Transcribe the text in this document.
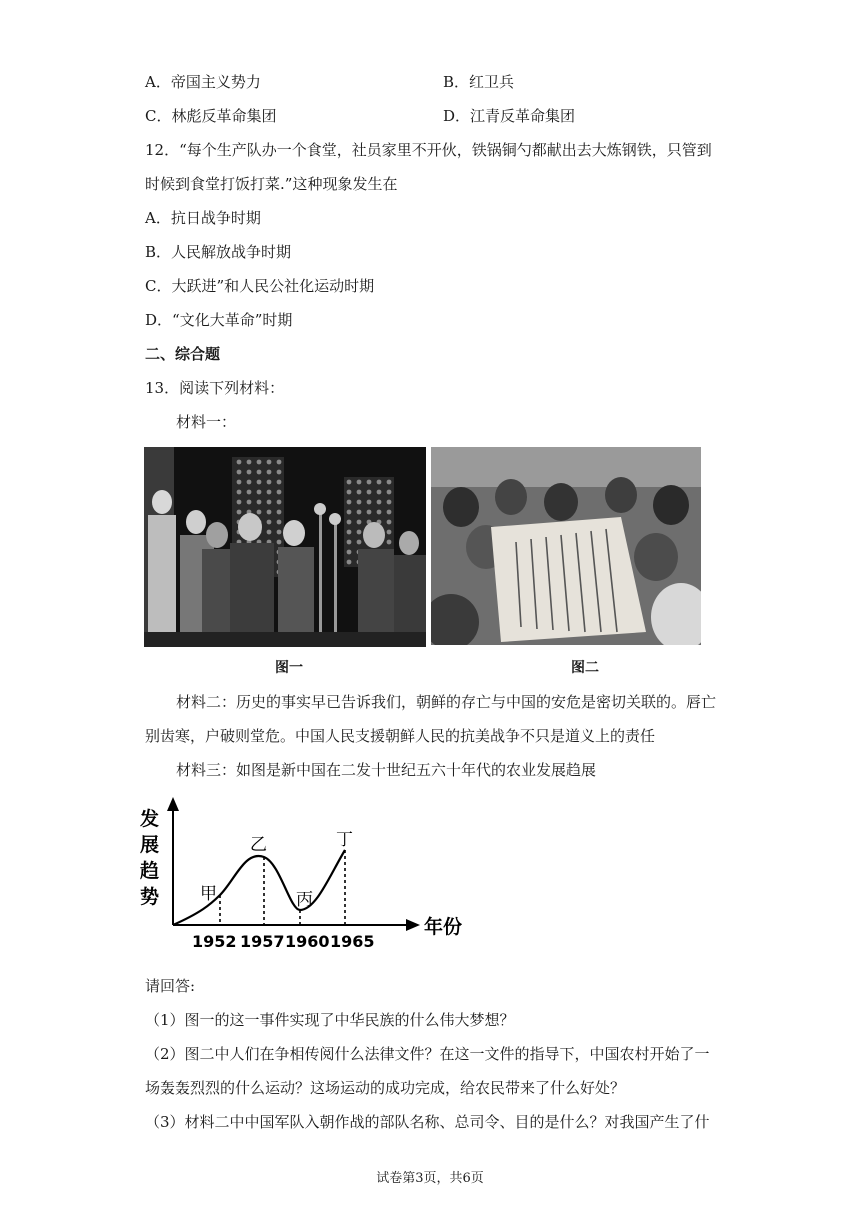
A．帝国主义势力	B．红卫兵
C．林彪反革命集团	D．江青反革命集团
12．“每个生产队办一个食堂，社员家里不开伙，铁锅铜勺都献出去大炼钢铁，只管到
时候到食堂打饭打菜.”这种现象发生在
A．抗日战争时期
B．人民解放战争时期
C．大跃进”和人民公社化运动时期
D．“文化大革命”时期
二、综合题
13．阅读下列材料：
材料一：
图一	图二
材料二：历史的事实早已告诉我们，朝鲜的存亡与中国的安危是密切关联的。唇亡
别齿寒，户破则堂危。中国人民支援朝鲜人民的抗美战争不只是道义上的责任
材料三：如图是新中国在二发十世纪五六十年代的农业发展趋展
发
展
趋
势 甲
乙
丙
丁
1952 1957 1960 1965
年份
请回答:
（1）图一的这一事件实现了中华民族的什么伟大梦想？
（2）图二中人们在争相传阅什么法律文件？在这一文件的指导下，中国农村开始了一
场轰轰烈烈的什么运动？这场运动的成功完成，给农民带来了什么好处？
（3）材料二中中国军队入朝作战的部队名称、总司令、目的是什么？对我国产生了什
试卷第3页，共6页
